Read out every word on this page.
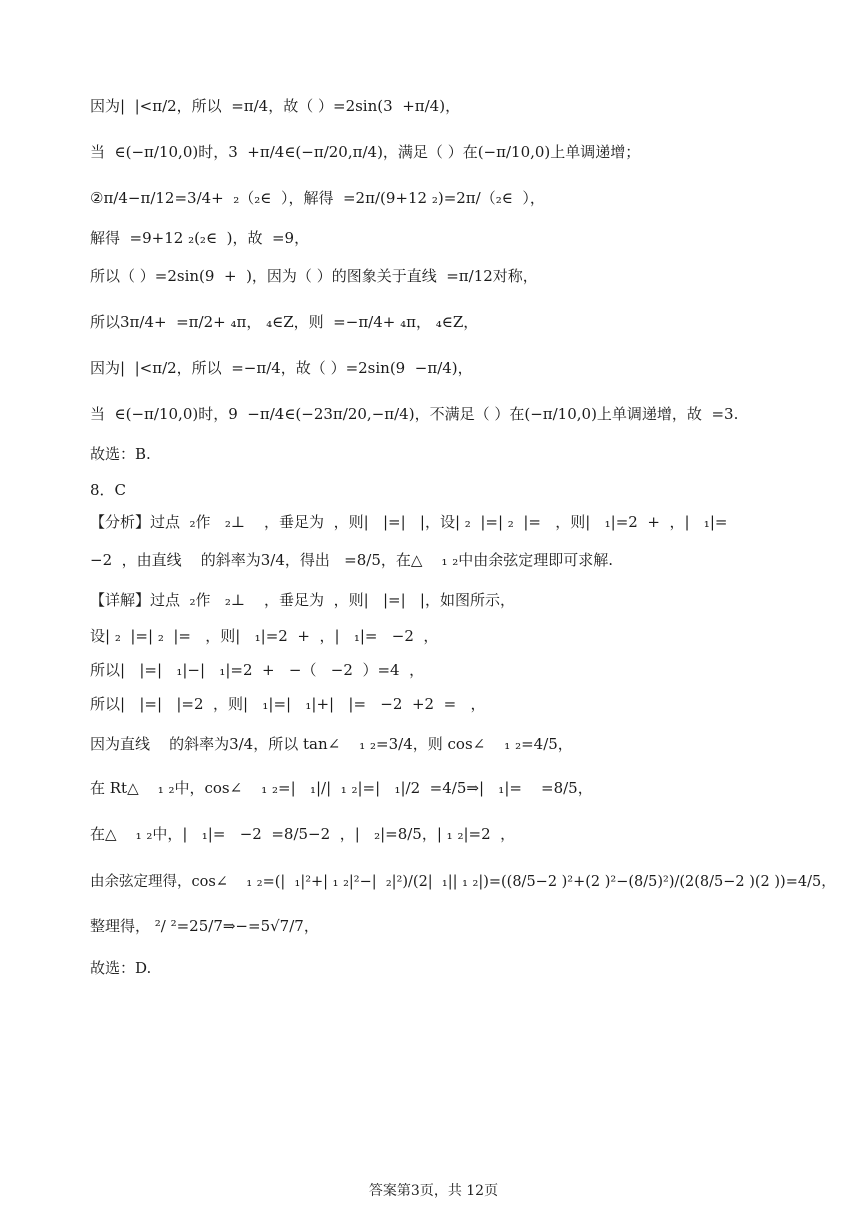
因为|  |<π/2，所以  =π/4，故（ ）=2sin(3  +π/4)，
当  ∈(−π/10,0)时，3  +π/4∈(−π/20,π/4)，满足（ ）在(−π/10,0)上单调递增；
②π/4−π/12=3/4+  ₂（₂∈  ），解得  =2π/(9+12 ₂)=2π/（₂∈  ），
解得  =9+12 ₂(₂∈  )，故  =9，
所以（ ）=2sin(9  +  )，因为（ ）的图象关于直线  =π/12对称，
所以3π/4+  =π/2+ ₄π， ₄∈Z，则  =−π/4+ ₄π， ₄∈Z，
因为|  |<π/2，所以  =−π/4，故（ ）=2sin(9  −π/4)，
当  ∈(−π/10,0)时，9  −π/4∈(−23π/20,−π/4)，不满足（ ）在(−π/10,0)上单调递增，故  =3.
故选：B.
8．C
【分析】过点  ₂作   ₂⊥    ，垂足为  ，则|   |=|   |，设| ₂  |=| ₂  |=   ，则|   ₁|=2  +  ，|   ₁|=
−2  ，由直线    的斜率为3/4，得出   =8/5，在△    ₁ ₂中由余弦定理即可求解.
【详解】过点  ₂作   ₂⊥    ，垂足为  ，则|   |=|   |，如图所示，
设| ₂  |=| ₂  |=   ，则|   ₁|=2  +  ，|   ₁|=   −2  ，
所以|   |=|   ₁|−|   ₁|=2  +   −（   −2  ）=4  ，
所以|   |=|   |=2  ，则|   ₁|=|   ₁|+|   |=   −2  +2  =   ，
因为直线    的斜率为3/4，所以 tan∠    ₁ ₂=3/4，则 cos∠    ₁ ₂=4/5，
在 Rt△    ₁ ₂中，cos∠    ₁ ₂=|   ₁|/|  ₁ ₂|=|   ₁|/2  =4/5⇒|   ₁|=    =8/5，
在△    ₁ ₂中，|   ₁|=   −2  =8/5−2  ，|   ₂|=8/5，| ₁ ₂|=2  ，
由余弦定理得，cos∠    ₁ ₂=(|  ₁|²+| ₁ ₂|²−|  ₂|²)/(2|  ₁|| ₁ ₂|)=((8/5−2 )²+(2 )²−(8/5)²)/(2(8/5−2 )(2 ))=4/5，
整理得， ²/ ²=25/7⇒−=5√7/7，
故选：D.
答案第3页，共 12页
